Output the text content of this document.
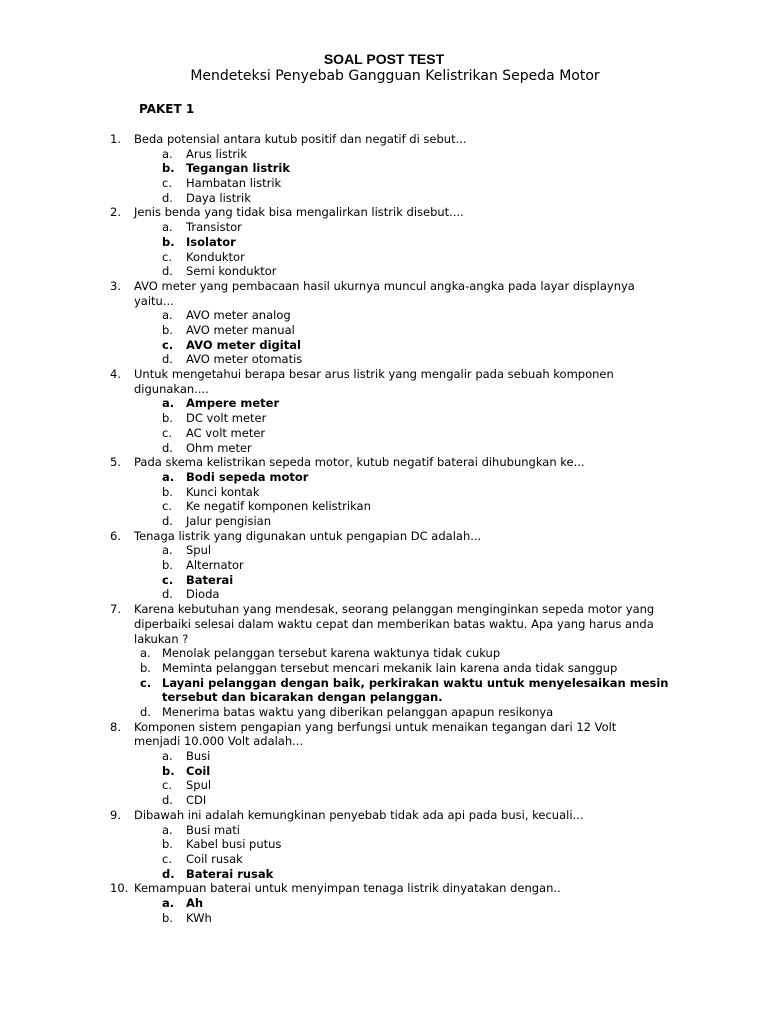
SOAL POST TEST
Mendeteksi Penyebab Gangguan Kelistrikan Sepeda Motor
PAKET 1
1.	Beda potensial antara kutub positif dan negatif di sebut...
a. Arus listrik
b. Tegangan listrik
c. Hambatan listrik
d. Daya listrik
2.	Jenis benda yang tidak bisa mengalirkan listrik disebut....
a. Transistor
b. Isolator
c. Konduktor
d. Semi konduktor
3.	AVO meter yang pembacaan hasil ukurnya muncul angka-angka pada layar displaynya yaitu...
a. AVO meter analog
b. AVO meter manual
c. AVO meter digital
d. AVO meter otomatis
4.	Untuk mengetahui berapa besar arus listrik yang mengalir pada sebuah komponen digunakan....
a. Ampere meter
b. DC volt meter
c. AC volt meter
d. Ohm meter
5.	Pada skema kelistrikan sepeda motor, kutub negatif baterai dihubungkan ke...
a. Bodi sepeda motor
b. Kunci kontak
c. Ke negatif komponen kelistrikan
d. Jalur pengisian
6.	Tenaga listrik yang digunakan untuk pengapian DC adalah...
a. Spul
b. Alternator
c. Baterai
d. Dioda
7.	Karena kebutuhan yang mendesak, seorang pelanggan menginginkan sepeda motor yang diperbaiki selesai dalam waktu cepat dan memberikan batas waktu. Apa yang harus anda lakukan ?
a. Menolak pelanggan tersebut karena waktunya tidak cukup
b. Meminta pelanggan tersebut mencari mekanik lain karena anda tidak sanggup
c. Layani pelanggan dengan baik, perkirakan waktu untuk menyelesaikan mesin tersebut dan bicarakan dengan pelanggan.
d. Menerima batas waktu yang diberikan pelanggan apapun resikonya
8.	Komponen sistem pengapian yang berfungsi untuk menaikan tegangan dari 12 Volt menjadi 10.000 Volt adalah...
a. Busi
b. Coil
c. Spul
d. CDI
9.	Dibawah ini adalah kemungkinan penyebab tidak ada api pada busi, kecuali...
a. Busi mati
b. Kabel busi putus
c. Coil rusak
d. Baterai rusak
10. Kemampuan baterai untuk menyimpan tenaga listrik dinyatakan dengan..
a. Ah
b. KWh
